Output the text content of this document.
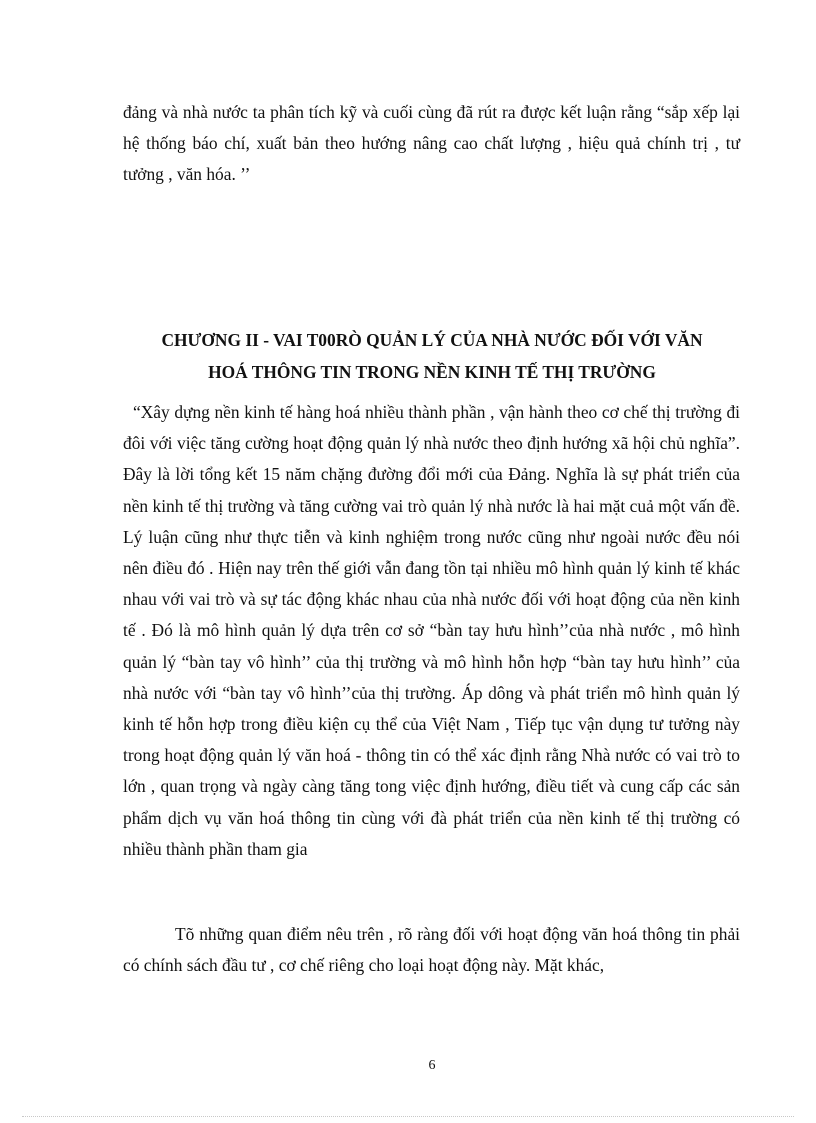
đảng và nhà nước ta phân tích kỹ và cuối cùng đã rút ra được kết luận rằng “sắp xếp lại hệ thống báo chí, xuất bản theo hướng nâng cao chất lượng , hiệu quả chính trị , tư tưởng , văn hóa. ’’

CHƯƠNG II - VAI T00RÒ QUẢN LÝ CỦA NHÀ NƯỚC ĐỐI VỚI VĂN
HOÁ THÔNG TIN TRONG NỀN KINH TẾ THỊ TRƯỜNG

“Xây dựng nền kinh tế hàng hoá nhiều thành phần , vận hành theo cơ chế thị trường đi đôi với việc tăng cường hoạt động quản lý nhà nước theo định hướng xã hội chủ nghĩa”. Đây là lời tổng kết 15 năm chặng đường đổi mới của Đảng. Nghĩa là sự phát triển của nền kinh tế thị trường và tăng cường vai trò quản lý nhà nước là hai mặt cuả một vấn đề. Lý luận cũng như thực tiễn và kinh nghiệm trong nước cũng như ngoài nước đều nói nên điều đó . Hiện nay trên thế giới vẫn đang tồn tại nhiều mô hình quản lý kinh tế khác nhau với vai trò và sự tác động khác nhau của nhà nước đối với hoạt động của nền kinh tế . Đó là mô hình quản lý dựa trên cơ sở “bàn tay hưu hình’’của nhà nước , mô hình quản lý “bàn tay vô hình’’ của thị trường và mô hình hỗn hợp “bàn tay hưu hình’’ của nhà nước với “bàn tay vô hình’’của thị trường. Áp dông và phát triển mô hình quản lý kinh tế hỗn hợp trong điều kiện cụ thể của Việt Nam , Tiếp tục vận dụng tư tưởng này trong hoạt động quản lý văn hoá - thông tin có thể xác định rằng Nhà nước có vai trò to lớn , quan trọng và ngày càng tăng tong việc định hướng, điều tiết và cung cấp các sản phẩm dịch vụ văn hoá thông tin cùng với đà phát triển của nền kinh tế thị trường có nhiều thành phần tham gia

Tõ những quan điểm nêu trên , rõ ràng đối với hoạt động văn hoá thông tin phải có chính sách đầu tư , cơ chế riêng cho loại hoạt động này. Mặt khác,

6
